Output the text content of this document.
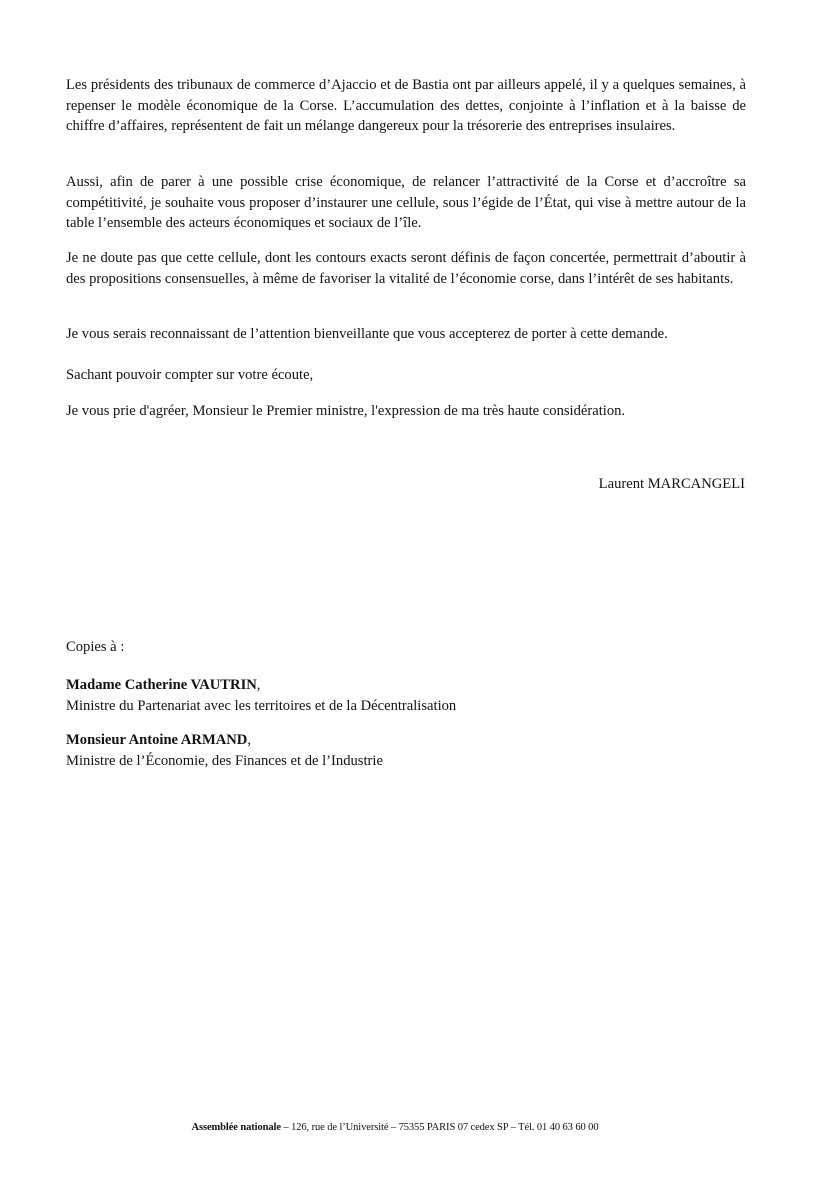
Les présidents des tribunaux de commerce d’Ajaccio et de Bastia ont par ailleurs appelé, il y a quelques semaines, à repenser le modèle économique de la Corse. L’accumulation des dettes, conjointe à l’inflation et à la baisse de chiffre d’affaires, représentent de fait un mélange dangereux pour la trésorerie des entreprises insulaires.

Aussi, afin de parer à une possible crise économique, de relancer l’attractivité de la Corse et d’accroître sa compétitivité, je souhaite vous proposer d’instaurer une cellule, sous l’égide de l’État, qui vise à mettre autour de la table l’ensemble des acteurs économiques et sociaux de l’île.

Je ne doute pas que cette cellule, dont les contours exacts seront définis de façon concertée, permettrait d’aboutir à des propositions consensuelles, à même de favoriser la vitalité de l’économie corse, dans l’intérêt de ses habitants.

Je vous serais reconnaissant de l’attention bienveillante que vous accepterez de porter à cette demande.

Sachant pouvoir compter sur votre écoute,

Je vous prie d'agréer, Monsieur le Premier ministre, l'expression de ma très haute considération.

Laurent MARCANGELI

Copies à :

Madame Catherine VAUTRIN,
Ministre du Partenariat avec les territoires et de la Décentralisation
Monsieur Antoine ARMAND,
Ministre de l’Économie, des Finances et de l’Industrie
Assemblée nationale – 126, rue de l’Université – 75355 PARIS 07 cedex SP – Tél. 01 40 63 60 00
